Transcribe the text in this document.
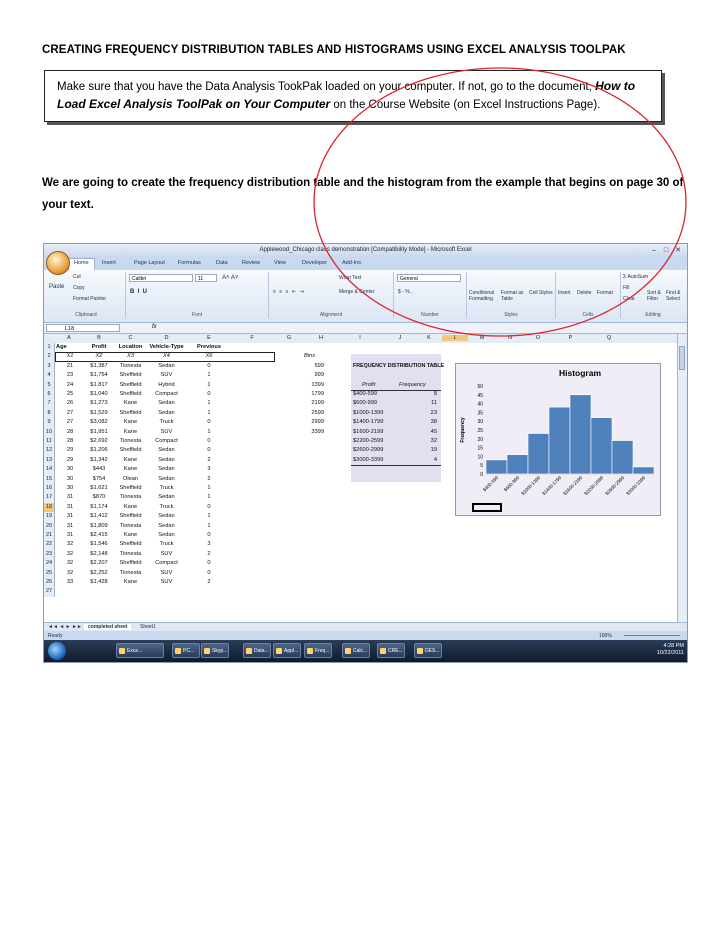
CREATING FREQUENCY DISTRIBUTION TABLES AND HISTOGRAMS USING EXCEL ANALYSIS TOOLPAK
Make sure that you have the Data Analysis TookPak loaded on your computer. If not, go to the document, How to Load Excel Analysis ToolPak on Your Computer on the Course Website (on Excel Instructions Page).
We are going to create the frequency distribution table and the histogram from the example that begins on page 30 of your text.
Applewood_Chicago class demonstration [Compatibility Mode] - Microsoft Excel	– □ ✕
Home	Insert	Page Layout Formulas	Data	Review	View	Developer	Add-Ins
Paste
Cut
Copy
Format Painter
Clipboard
Calibri	11
B  I  U
A˄ A˅
Font
Wrap Text
Merge & Center
≡ ≡ ≡ ⇤ ⇥
Alignment
General
$ - % ,
Number
Conditional Formatting
Format as Table
Cell Styles
Styles
Insert Delete Format
Cells
Σ AutoSum
Fill
Clear
Sort & Filter
Find & Select
Editing
L18	fx
A	B	C	D	E	F	G	H	I	J	K	L	M	N	O	P	Q
Histogram
Frequency
0
5
10
15
20
25
30
35
40
45
50
$400-599 $600-999 $1000-1399 $1400-1799 $1600-2199 $2200-2599 $2600-2999 $3000-3399
1
2
3
4
5
6
7
8
9
10
11
12
13
14
15
16
17
18
19
20
21
22
23
24
25
26
27
Age	Profit	Location	Vehicle-Type	Previous
X1	X2	X3	X4	X6
21	$1,387	Tionesta	Sedan	0
23	$1,754	Sheffield	SUV	1
24	$1,817	Sheffield	Hybrid	1
25	$1,040	Sheffield	Compact	0
26	$1,273	Kane	Sedan	1
27	$1,529	Sheffield	Sedan	1
27	$3,082	Kane	Truck	0
28	$1,951	Kane	SUV	1
28	$2,692	Tionesta	Compact	0
29	$1,206	Sheffield	Sedan	0
29	$1,342	Kane	Sedan	2
30	$443	Kane	Sedan	3
30	$754	Olean	Sedan	2
30	$1,621	Sheffield	Truck	1
31	$870	Tionesta	Sedan	1
31	$1,174	Kane	Truck	0
31	$1,412	Sheffield	Sedan	1
31	$1,809	Tionesta	Sedan	1
31	$2,415	Kane	Sedan	0
32	$1,546	Sheffield	Truck	3
32	$2,148	Tionesta	SUV	2
32	$2,207	Sheffield	Compact	0
32	$2,252	Tionesta	SUV	0
33	$1,428	Kane	SUV	2
Bins
599
999
1399
1799
2199
2599
2999
3399
FREQUENCY DISTRIBUTION TABLE
Profit	Frequency
$400-599	8
$600-999	11
$1000-1399	23
$1400-1799	38
$1600-2199	45
$2200-2599	32
$2600-2999	19
$3000-3399	4
◄◄ ◄ ► ►►	completed sheet	Sheet1
Ready	100%
4:28 PM
10/22/2011
Exce...	PC...	Skyp...	Data...	Appl...	Freq...	Calc...	CRE...	DES...
